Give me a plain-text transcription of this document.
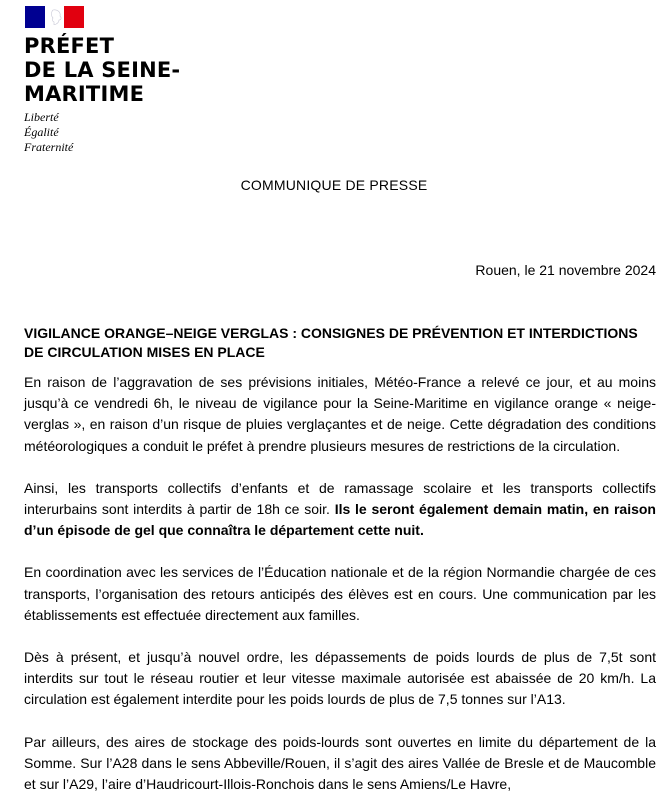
PRÉFET
DE LA SEINE-
MARITIME
Liberté
Égalité
Fraternité
COMMUNIQUE DE PRESSE
Rouen, le 21 novembre 2024
VIGILANCE ORANGE–NEIGE VERGLAS : CONSIGNES DE PRÉVENTION ET INTERDICTIONS DE CIRCULATION MISES EN PLACE

En raison de l’aggravation de ses prévisions initiales, Météo-France a relevé ce jour, et au moins jusqu’à ce vendredi 6h, le niveau de vigilance pour la Seine-Maritime en vigilance orange « neige-verglas », en raison d’un risque de pluies verglaçantes et de neige. Cette dégradation des conditions météorologiques a conduit le préfet à prendre plusieurs mesures de restrictions de la circulation.

Ainsi, les transports collectifs d’enfants et de ramassage scolaire et les transports collectifs interurbains sont interdits à partir de 18h ce soir. Ils le seront également demain matin, en raison d’un épisode de gel que connaîtra le département cette nuit.

En coordination avec les services de l’Éducation nationale et de la région Normandie chargée de ces transports, l’organisation des retours anticipés des élèves est en cours. Une communication par les établissements est effectuée directement aux familles.

Dès à présent, et jusqu’à nouvel ordre, les dépassements de poids lourds de plus de 7,5t sont interdits sur tout le réseau routier et leur vitesse maximale autorisée est abaissée de 20 km/h. La circulation est également interdite pour les poids lourds de plus de 7,5 tonnes sur l’A13.

Par ailleurs, des aires de stockage des poids-lourds sont ouvertes en limite du département de la Somme. Sur l’A28 dans le sens Abbeville/Rouen, il s’agit des aires Vallée de Bresle et de Maucomble et sur l’A29, l’aire d’Haudricourt-Illois-Ronchois dans le sens Amiens/Le Havre,
